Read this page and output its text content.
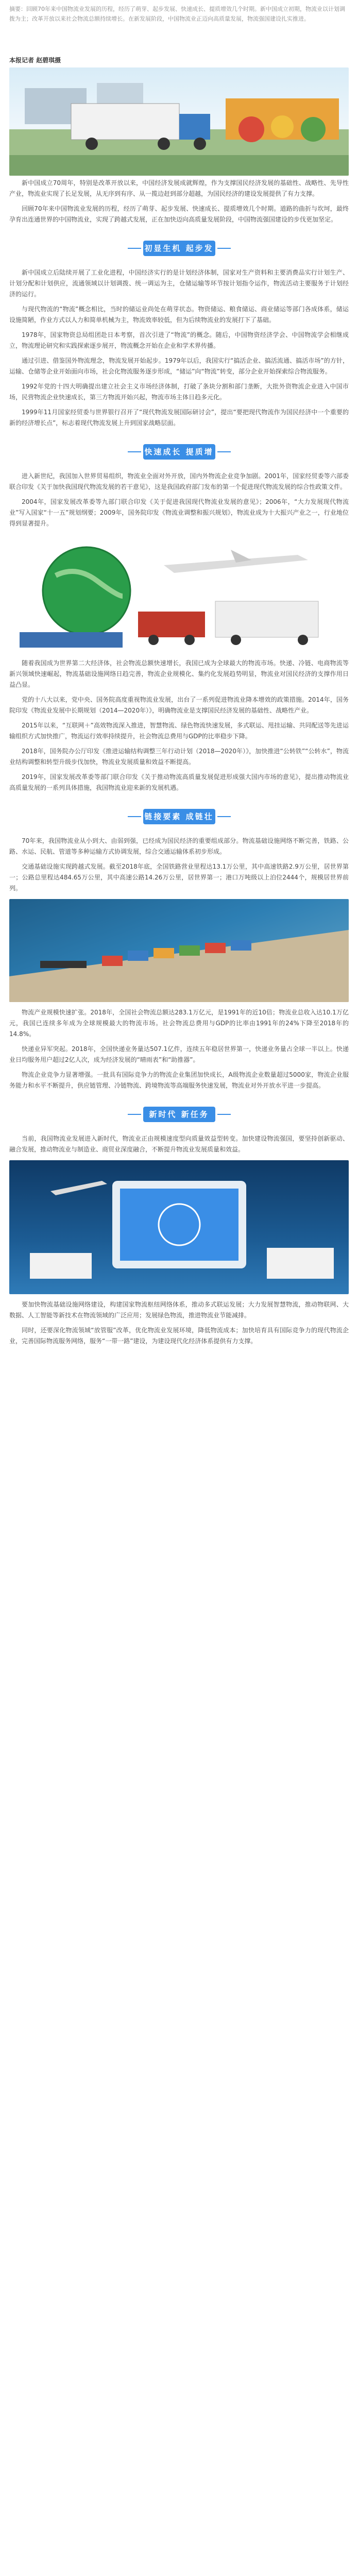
摘要：回顾70年来中国物流业发展的历程，经历了萌芽、起步发展、快速成长、提质增效几个时期。新中国成立初期，物流业以计划调拨为主；改革开放以来社会物流总额持续增长。在新发展阶段，中国物流业正迈向高质量发展，物流强国建设扎实推进。

本报记者 赵碧琪摄

新中国成立70周年，特别是改革开放以来，中国经济发展成就辉煌，作为支撑国民经济发展的基础性、战略性、先导性产业，物流业实现了长足发展，从无序到有序、从一揽边赶到部分超越，为国民经济的建设发展提供了有力支撑。

回顾70年来中国物流业发展的历程，经历了萌芽、起步发展、快速成长、提质增效几个时期。道路的曲折与坎坷，最终孕育出连通世界的中国物流业，实现了跨越式发展，正在加快迈向高质量发展阶段，中国物流强国建设的步伐更加坚定。

初显生机 起步发展

新中国成立后陆续开展了工业化进程，中国经济实行的是计划经济体制，国家对生产资料和主要消费品实行计划生产、计划分配和计划供应，流通领域以计划调拨、统一调运为主，仓储运输等环节按计划指令运作，物流活动主要服务于计划经济的运行。

与现代物流的“物流”概念相比，当时的储运业尚处在萌芽状态。物资储运、粮食储运、商业储运等部门各成体系，储运设施简陋，作业方式以人力和简单机械为主，物流效率较低，但为后续物流业的发展打下了基础。

1978年，国家物资总局组团赴日本考察，首次引进了“物流”的概念。随后，中国物资经济学会、中国物流学会相继成立，物流理论研究和实践探索逐步展开，物流概念开始在企业和学术界传播。

通过引进、借鉴国外物流理念，物流发展开始起步。1979年以后，我国实行“搞活企业、搞活流通、搞活市场”的方针，运输、仓储等企业开始面向市场，社会化物流服务逐步形成，“储运”向“物流”转变，部分企业开始探索综合物流服务。

1992年党的十四大明确提出建立社会主义市场经济体制，打破了条块分割和部门垄断，大批外资物流企业进入中国市场，民营物流企业快速成长，第三方物流开始兴起，物流市场主体日趋多元化。

1999年11月国家经贸委与世界银行召开了“现代物流发展国际研讨会”，提出“要把现代物流作为国民经济中一个重要的新的经济增长点”，标志着现代物流发展上升到国家战略层面。

快速成长 提质增效

进入新世纪，我国加入世界贸易组织，物流业全面对外开放，国内外物流企业竞争加剧。2001年，国家经贸委等六部委联合印发《关于加快我国现代物流发展的若干意见》，这是我国政府部门发布的第一个促进现代物流发展的综合性政策文件。

2004年，国家发展改革委等九部门联合印发《关于促进我国现代物流业发展的意见》；2006年，“大力发展现代物流业”写入国家“十一五”规划纲要；2009年，国务院印发《物流业调整和振兴规划》，物流业成为十大振兴产业之一，行业地位得到显著提升。

随着我国成为世界第二大经济体，社会物流总额快速增长，我国已成为全球最大的物流市场。快递、冷链、电商物流等新兴领域快速崛起，物流基础设施网络日趋完善，物流企业规模化、集约化发展趋势明显，物流业对国民经济的支撑作用日益凸显。

党的十八大以来，党中央、国务院高度重视物流业发展，出台了一系列促进物流业降本增效的政策措施。2014年，国务院印发《物流业发展中长期规划（2014—2020年）》，明确物流业是支撑国民经济发展的基础性、战略性产业。

2015年以来，“互联网＋”高效物流深入推进，智慧物流、绿色物流快速发展，多式联运、甩挂运输、共同配送等先进运输组织方式加快推广，物流运行效率持续提升，社会物流总费用与GDP的比率稳步下降。

2018年，国务院办公厅印发《推进运输结构调整三年行动计划（2018—2020年）》，加快推进“公转铁”“公转水”，物流业结构调整和转型升级步伐加快，物流业发展质量和效益不断提高。

2019年，国家发展改革委等部门联合印发《关于推动物流高质量发展促进形成强大国内市场的意见》，提出推动物流业高质量发展的一系列具体措施，我国物流业迎来新的发展机遇。

链接要素 成链壮大

70年来，我国物流业从小到大、由弱到强，已经成为国民经济的重要组成部分。物流基础设施网络不断完善，铁路、公路、水运、民航、管道等多种运输方式协调发展，综合交通运输体系初步形成。

交通基础设施实现跨越式发展。截至2018年底，全国铁路营业里程达13.1万公里，其中高速铁路2.9万公里，居世界第一；公路总里程达484.65万公里，其中高速公路14.26万公里，居世界第一；港口万吨级以上泊位2444个，规模居世界前列。

物流产业规模快速扩张。2018年，全国社会物流总额达283.1万亿元，是1991年的近10倍；物流业总收入达10.1万亿元，我国已连续多年成为全球规模最大的物流市场。社会物流总费用与GDP的比率由1991年的24%下降至2018年的14.8%。

快递业异军突起。2018年，全国快递业务量达507.1亿件，连续五年稳居世界第一，快递业务量占全球一半以上。快递业日均服务用户超过2亿人次，成为经济发展的“晴雨表”和“助推器”。

物流企业竞争力显著增强。一批具有国际竞争力的物流企业集团加快成长，A级物流企业数量超过5000家，物流企业服务能力和水平不断提升，供应链管理、冷链物流、跨境物流等高端服务快速发展，物流业对外开放水平进一步提高。

新时代 新任务

当前，我国物流业发展进入新时代，物流业正由规模速度型向质量效益型转变。加快建设物流强国，要坚持创新驱动、融合发展，推动物流业与制造业、商贸业深度融合，不断提升物流业发展质量和效益。

要加快物流基础设施网络建设，构建国家物流枢纽网络体系，推动多式联运发展；大力发展智慧物流，推动物联网、大数据、人工智能等新技术在物流领域的广泛应用；发展绿色物流，推进物流业节能减排。

同时，还要深化物流领域“放管服”改革，优化物流业发展环境，降低物流成本；加快培育具有国际竞争力的现代物流企业，完善国际物流服务网络，服务“一带一路”建设，为建设现代化经济体系提供有力支撑。
